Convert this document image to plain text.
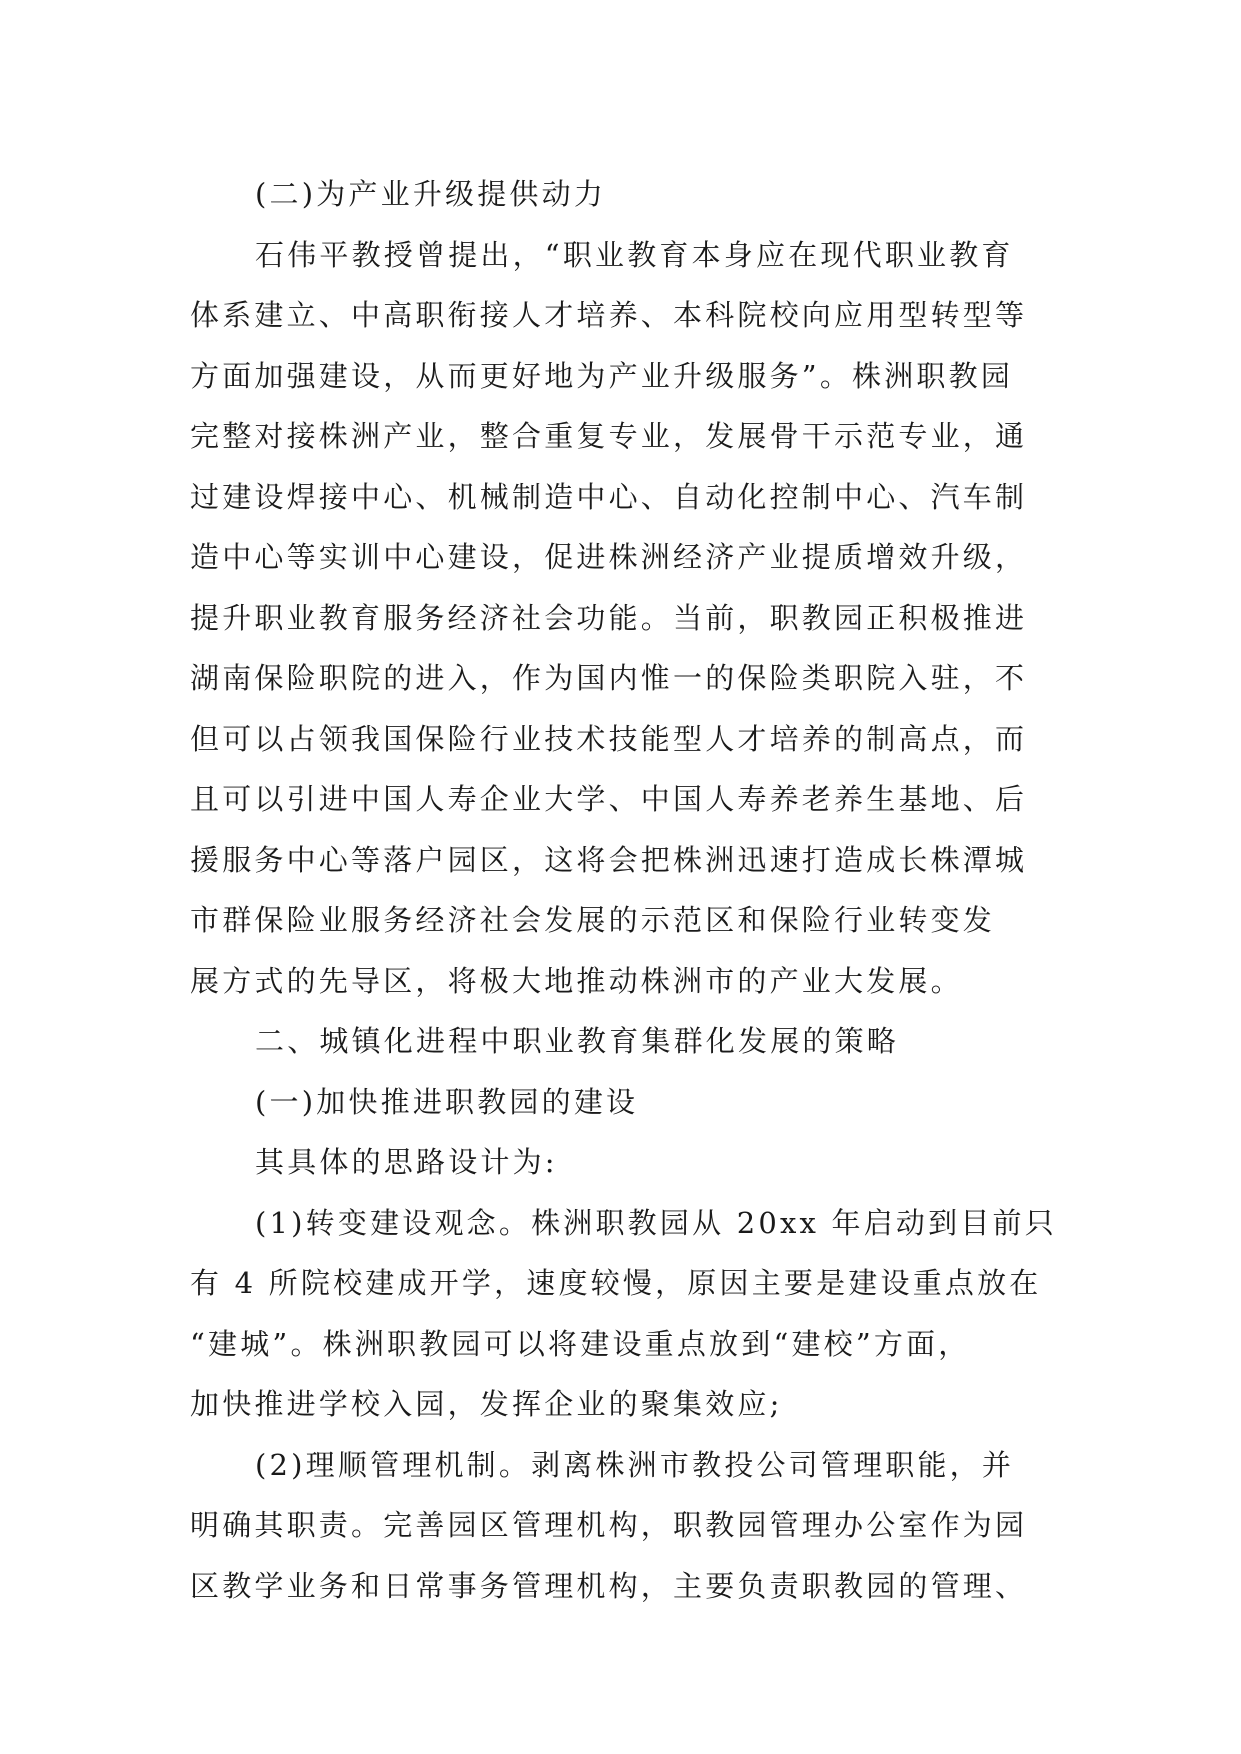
(二)为产业升级提供动力
石伟平教授曾提出，“职业教育本身应在现代职业教育
体系建立、中高职衔接人才培养、本科院校向应用型转型等
方面加强建设，从而更好地为产业升级服务”。株洲职教园
完整对接株洲产业，整合重复专业，发展骨干示范专业，通
过建设焊接中心、机械制造中心、自动化控制中心、汽车制
造中心等实训中心建设，促进株洲经济产业提质增效升级，
提升职业教育服务经济社会功能。当前，职教园正积极推进
湖南保险职院的进入，作为国内惟一的保险类职院入驻，不
但可以占领我国保险行业技术技能型人才培养的制高点，而
且可以引进中国人寿企业大学、中国人寿养老养生基地、后
援服务中心等落户园区，这将会把株洲迅速打造成长株潭城
市群保险业服务经济社会发展的示范区和保险行业转变发
展方式的先导区，将极大地推动株洲市的产业大发展。
二、城镇化进程中职业教育集群化发展的策略
(一)加快推进职教园的建设
其具体的思路设计为:
(1)转变建设观念。株洲职教园从 20xx 年启动到目前只
有 4 所院校建成开学，速度较慢，原因主要是建设重点放在
“建城”。株洲职教园可以将建设重点放到“建校”方面，
加快推进学校入园，发挥企业的聚集效应;
(2)理顺管理机制。剥离株洲市教投公司管理职能，并
明确其职责。完善园区管理机构，职教园管理办公室作为园
区教学业务和日常事务管理机构，主要负责职教园的管理、
